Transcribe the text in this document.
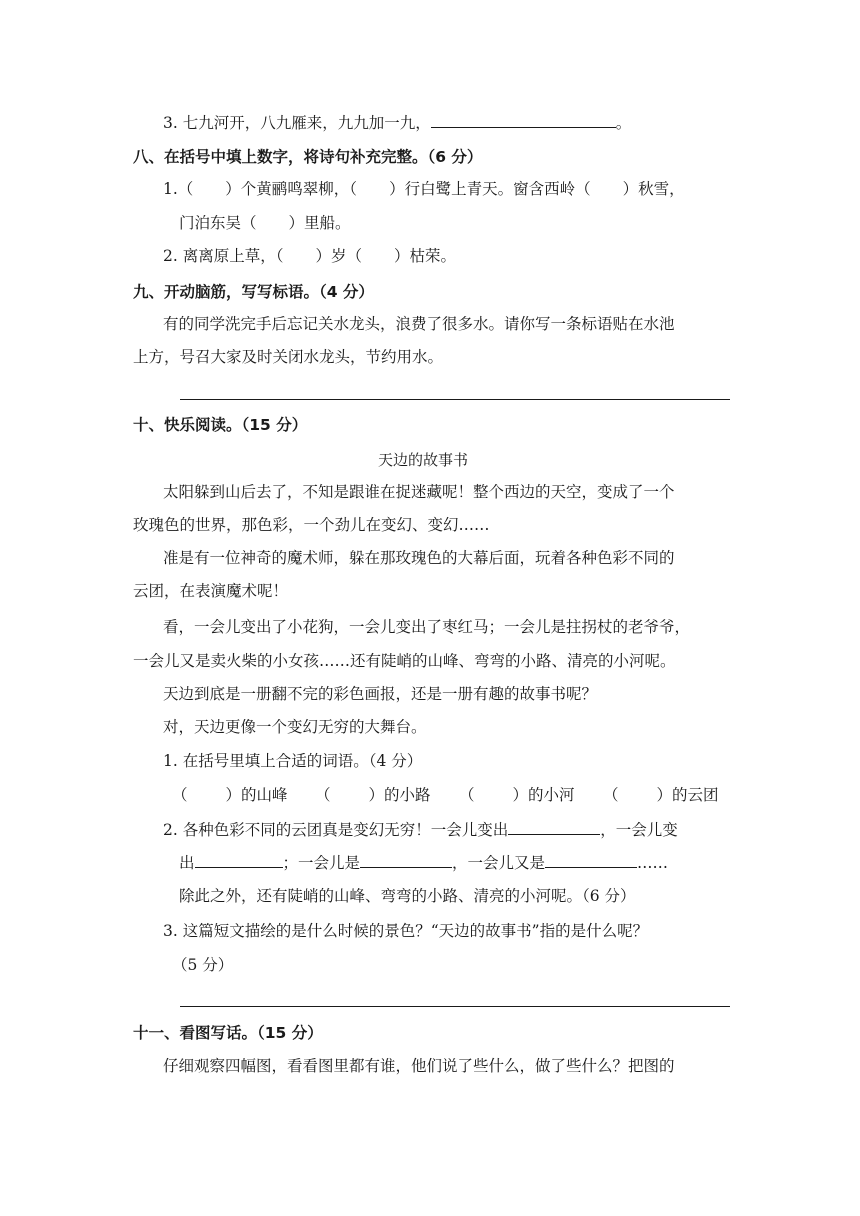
3. 七九河开，八九雁来，九九加一九，	。
八、在括号中填上数字，将诗句补充完整。（6 分）
1.（ ）个黄鹂鸣翠柳，（ ）行白鹭上青天。窗含西岭（ ）秋雪，
门泊东吴（ ）里船。
2. 离离原上草，（ ）岁（ ）枯荣。
九、开动脑筋，写写标语。（4 分）
有的同学洗完手后忘记关水龙头，浪费了很多水。请你写一条标语贴在水池
上方，号召大家及时关闭水龙头，节约用水。
十、快乐阅读。（15 分）
天边的故事书
太阳躲到山后去了，不知是跟谁在捉迷藏呢！整个西边的天空，变成了一个
玫瑰色的世界，那色彩，一个劲儿在变幻、变幻……
准是有一位神奇的魔术师，躲在那玫瑰色的大幕后面，玩着各种色彩不同的
云团，在表演魔术呢！
看，一会儿变出了小花狗，一会儿变出了枣红马；一会儿是拄拐杖的老爷爷，
一会儿又是卖火柴的小女孩……还有陡峭的山峰、弯弯的小路、清亮的小河呢。
天边到底是一册翻不完的彩色画报，还是一册有趣的故事书呢？
对，天边更像一个变幻无穷的大舞台。
1. 在括号里填上合适的词语。（4 分）
（ ）的山峰 （ ）的小路 （ ）的小河 （ ）的云团
2. 各种色彩不同的云团真是变幻无穷！一会儿变出	，一会儿变
出	；一会儿是	，一会儿又是	……
除此之外，还有陡峭的山峰、弯弯的小路、清亮的小河呢。（6 分）
3. 这篇短文描绘的是什么时候的景色？“天边的故事书”指的是什么呢？
（5 分）
十一、看图写话。（15 分）
仔细观察四幅图，看看图里都有谁，他们说了些什么，做了些什么？把图的
